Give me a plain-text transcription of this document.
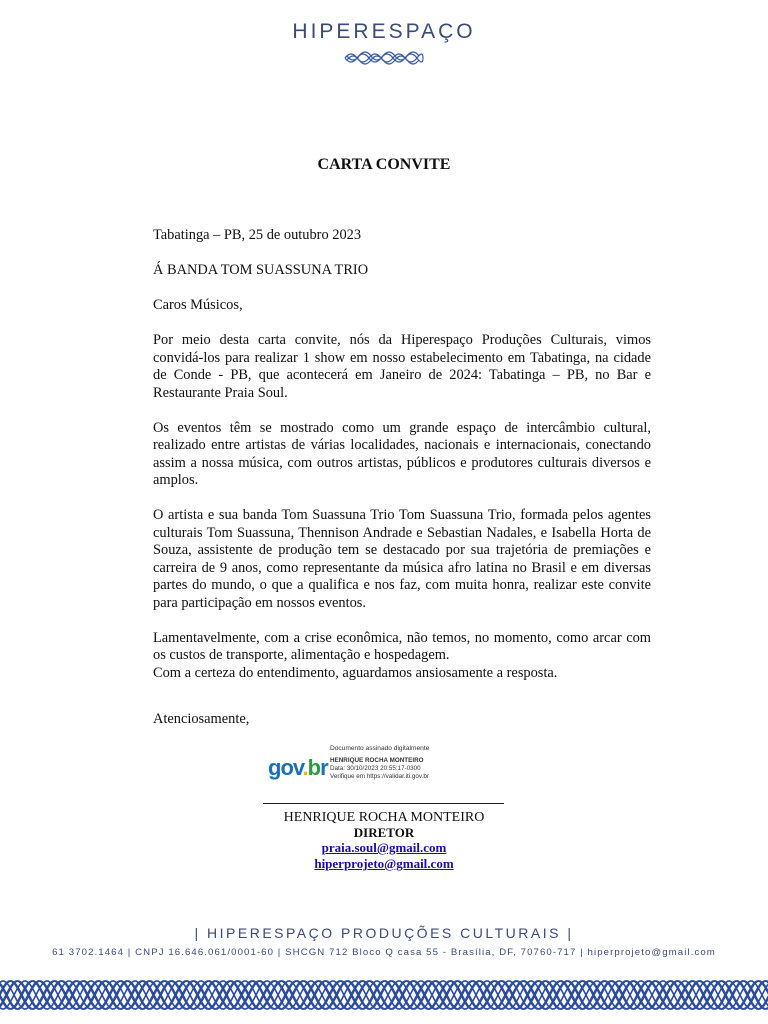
HIPERESPAÇO
CARTA CONVITE

Tabatinga – PB, 25 de outubro 2023

Á BANDA TOM SUASSUNA TRIO

Caros Músicos,

Por meio desta carta convite, nós da Hiperespaço Produções Culturais, vimos convidá-los para realizar 1 show em nosso estabelecimento em Tabatinga, na cidade de Conde - PB, que acontecerá em Janeiro de 2024: Tabatinga – PB, no Bar e Restaurante Praia Soul.

Os eventos têm se mostrado como um grande espaço de intercâmbio cultural, realizado entre artistas de várias localidades, nacionais e internacionais, conectando assim a nossa música, com outros artistas, públicos e produtores culturais diversos e amplos.

O artista e sua banda Tom Suassuna Trio Tom Suassuna Trio, formada pelos agentes culturais Tom Suassuna, Thennison Andrade e Sebastian Nadales, e Isabella Horta de Souza, assistente de produção tem se destacado por sua trajetória de premiações e carreira de 9 anos, como representante da música afro latina no Brasil e em diversas partes do mundo, o que a qualifica e nos faz, com muita honra, realizar este convite para participação em nossos eventos.

Lamentavelmente, com a crise econômica, não temos, no momento, como arcar com os custos de transporte, alimentação e hospedagem.

Com a certeza do entendimento, aguardamos ansiosamente a resposta.

Atenciosamente,

gov.br
Documento assinado digitalmente
HENRIQUE ROCHA MONTEIRO
Data: 30/10/2023 20:55:17-0300
Verifique em https://validar.iti.gov.br
HENRIQUE ROCHA MONTEIRO
DIRETOR
praia.soul@gmail.com
hiperprojeto@gmail.com
| HIPERESPAÇO PRODUÇÕES CULTURAIS |
61 3702.1464 | CNPJ 16.646.061/0001-60 | SHCGN 712 Bloco Q casa 55 - Brasília, DF, 70760-717 | hiperprojeto@gmail.com
